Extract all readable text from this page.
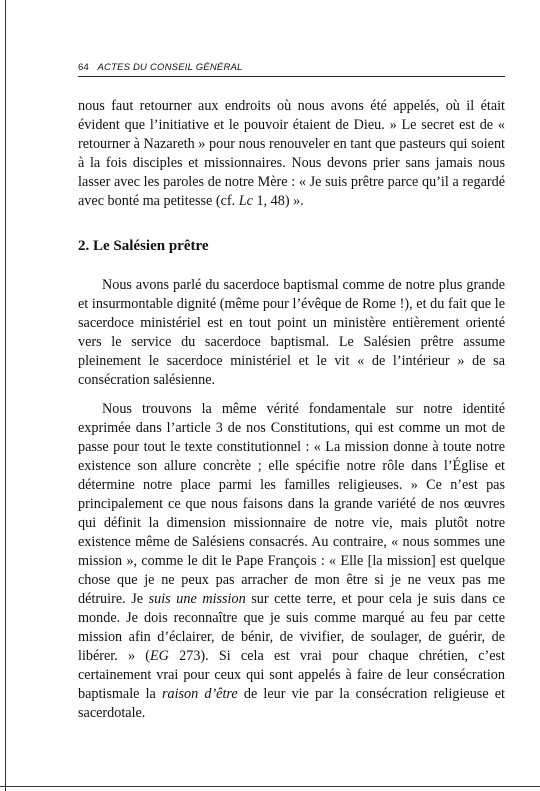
64 ACTES DU CONSEIL GÉNÉRAL

nous faut retourner aux endroits où nous avons été appelés, où il était évident que l’initiative et le pouvoir étaient de Dieu. » Le secret est de « retourner à Nazareth » pour nous renouveler en tant que pasteurs qui soient à la fois disciples et missionnaires. Nous devons prier sans jamais nous lasser avec les paroles de notre Mère : « Je suis prêtre parce qu’il a regardé avec bonté ma petitesse (cf. Lc 1, 48) ».

2. Le Salésien prêtre

Nous avons parlé du sacerdoce baptismal comme de notre plus grande et insurmontable dignité (même pour l’évêque de Rome !), et du fait que le sacerdoce ministériel est en tout point un ministère entièrement orienté vers le service du sacerdoce baptismal. Le Salésien prêtre assume pleinement le sacerdoce ministériel et le vit « de l’intérieur » de sa consécration salésienne.

Nous trouvons la même vérité fondamentale sur notre identité exprimée dans l’article 3 de nos Constitutions, qui est comme un mot de passe pour tout le texte constitutionnel : « La mission donne à toute notre existence son allure concrète ; elle spécifie notre rôle dans l’Église et détermine notre place parmi les familles religieuses. » Ce n’est pas principalement ce que nous faisons dans la grande variété de nos œuvres qui définit la dimension missionnaire de notre vie, mais plutôt notre existence même de Salésiens consacrés. Au contraire, « nous sommes une mission », comme le dit le Pape François : « Elle [la mission] est quelque chose que je ne peux pas arracher de mon être si je ne veux pas me détruire. Je suis une mission sur cette terre, et pour cela je suis dans ce monde. Je dois reconnaître que je suis comme marqué au feu par cette mission afin d’éclairer, de bénir, de vivifier, de soulager, de guérir, de libérer. » (EG 273). Si cela est vrai pour chaque chrétien, c’est certainement vrai pour ceux qui sont appelés à faire de leur consécration baptismale la raison d’être de leur vie par la consécration religieuse et sacerdotale.
